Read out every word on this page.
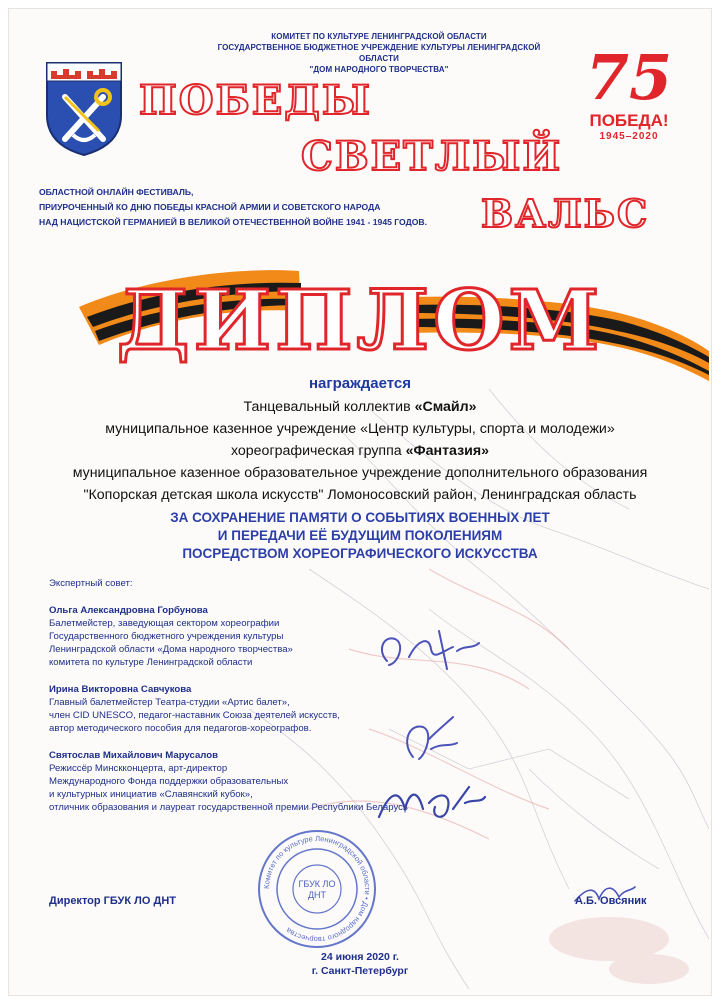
КОМИТЕТ ПО КУЛЬТУРЕ ЛЕНИНГРАДСКОЙ ОБЛАСТИ
ГОСУДАРСТВЕННОЕ БЮДЖЕТНОЕ УЧРЕЖДЕНИЕ КУЛЬТУРЫ ЛЕНИНГРАДСКОЙ ОБЛАСТИ
"ДОМ НАРОДНОГО ТВОРЧЕСТВА"
ПОБЕДЫ
СВЕТЛЫЙ
ВАЛЬС
75
ПОБЕДА!
1945–2020
ОБЛАСТНОЙ ОНЛАЙН ФЕСТИВАЛЬ,
ПРИУРОЧЕННЫЙ КО ДНЮ ПОБЕДЫ КРАСНОЙ АРМИИ И СОВЕТСКОГО НАРОДА
НАД НАЦИСТСКОЙ ГЕРМАНИЕЙ В ВЕЛИКОЙ ОТЕЧЕСТВЕННОЙ ВОЙНЕ 1941 - 1945 ГОДОВ.
ДИПЛОМ
награждается
Танцевальный коллектив «Смайл»
муниципальное казенное учреждение «Центр культуры, спорта и молодежи»
хореографическая группа «Фантазия»
муниципальное казенное образовательное учреждение дополнительного образования
"Копорская детская школа искусств" Ломоносовский район, Ленинградская область
ЗА СОХРАНЕНИЕ ПАМЯТИ О СОБЫТИЯХ ВОЕННЫХ ЛЕТ
И ПЕРЕДАЧИ ЕЁ БУДУЩИМ ПОКОЛЕНИЯМ
ПОСРЕДСТВОМ ХОРЕОГРАФИЧЕСКОГО ИСКУССТВА
Экспертный совет:
Ольга Александровна Горбунова
Балетмейстер, заведующая сектором хореографии
Государственного бюджетного учреждения культуры
Ленинградской области «Дома народного творчества»
комитета по культуре Ленинградской области
Ирина Викторовна Савчукова
Главный балетмейстер Театра-студии «Артис балет»,
член CID UNESCO, педагог-наставник Союза деятелей искусств,
автор методического пособия для педагогов-хореографов.
Святослав Михайлович Марусалов
Режиссёр Минскконцерта, арт-директор
Международного Фонда поддержки образовательных
и культурных инициатив «Славянский кубок»,
отличник образования и лауреат государственной премии Республики Беларусь
Комитет по культуре Ленинградской области • Дом народного творчества
ГБУК ЛО
ДНТ
Директор ГБУК ЛО ДНТ	А.Б. Овсяник
24 июня 2020 г.
г. Санкт-Петербург
